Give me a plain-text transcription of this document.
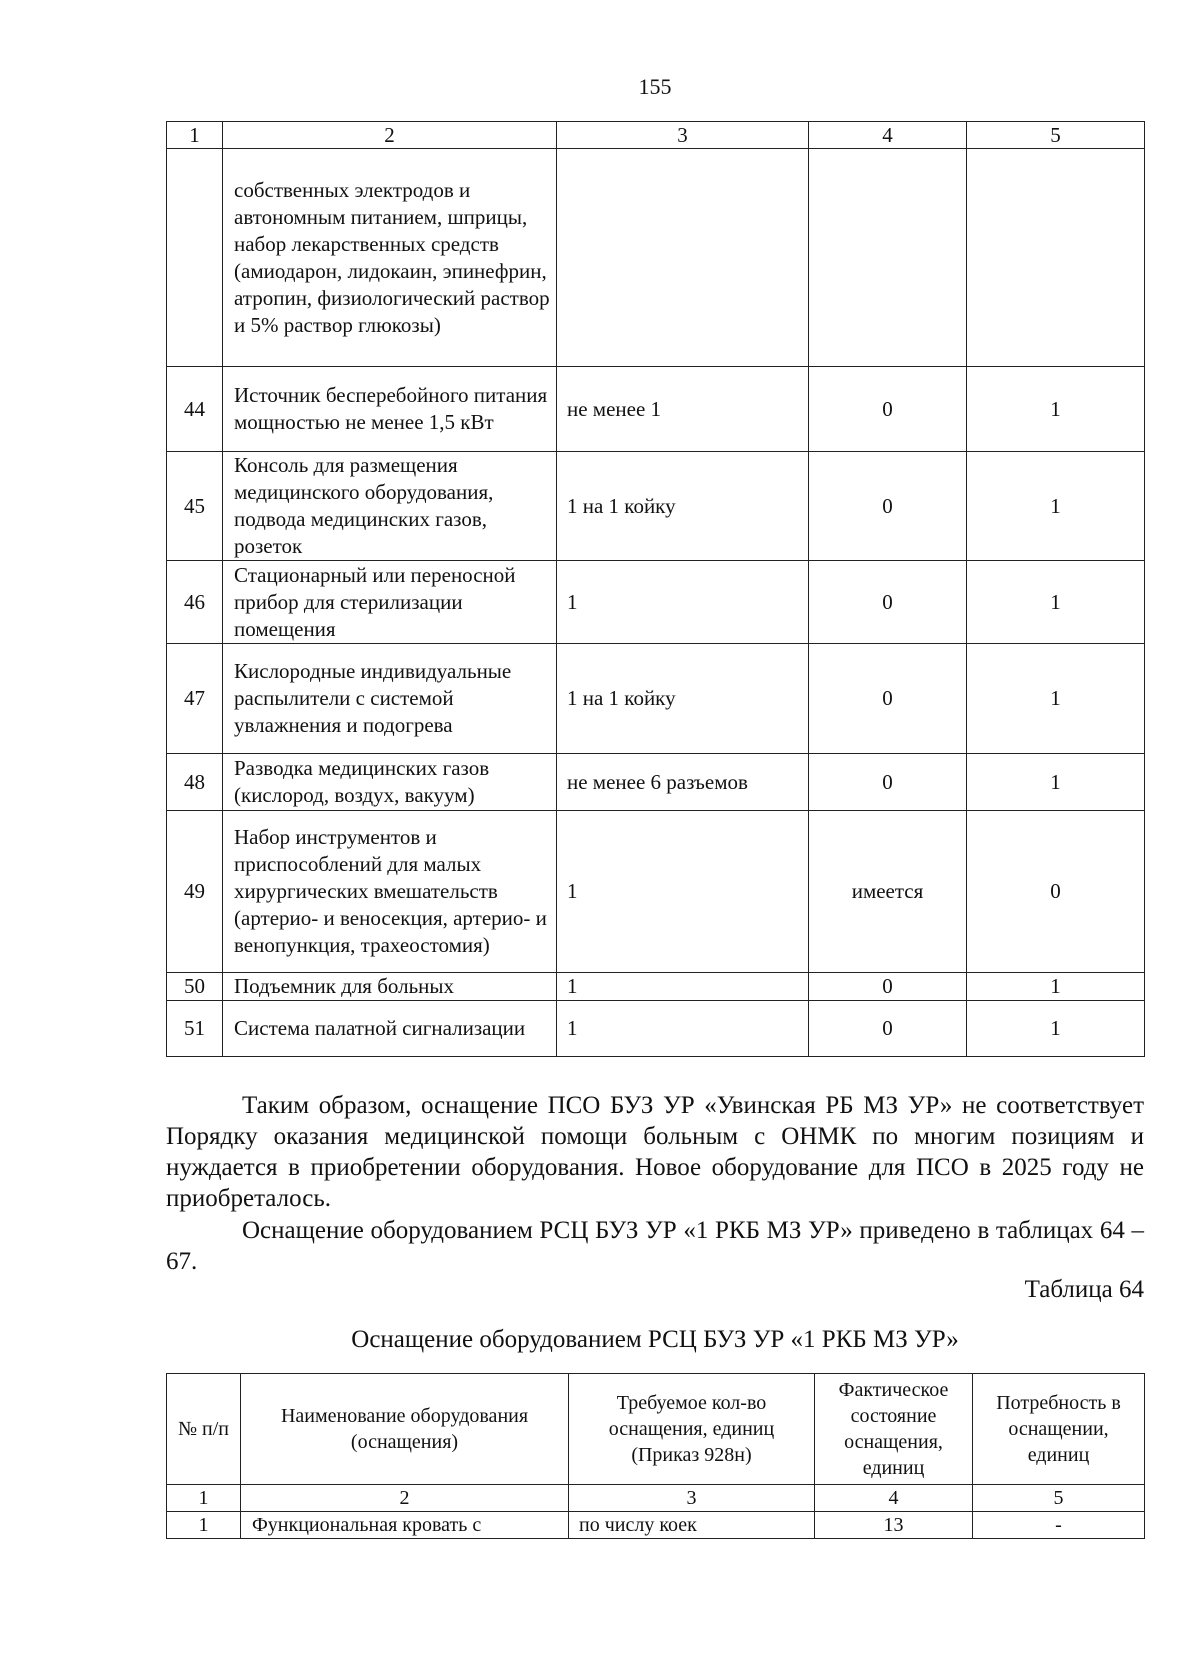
155
1	2	3	4	5
	собственных электродов и автономным питанием, шприцы, набор лекарственных средств (амиодарон, лидокаин, эпинефрин, атропин, физиологический раствор и 5% раствор глюкозы)			
44	Источник бесперебойного питания мощностью не менее 1,5 кВт	не менее 1	0	1
45	Консоль для размещения медицинского оборудования, подвода медицинских газов, розеток	1 на 1 койку	0	1
46	Стационарный или переносной прибор для стерилизации помещения	1	0	1
47	Кислородные индивидуальные распылители с системой увлажнения и подогрева	1 на 1 койку	0	1
48	Разводка медицинских газов (кислород, воздух, вакуум)	не менее 6 разъемов	0	1
49	Набор инструментов и приспособлений для малых хирургических вмешательств (артерио- и веносекция, артерио- и венопункция, трахеостомия)	1	имеется	0
50	Подъемник для больных	1	0	1
51	Система палатной сигнализации	1	0	1

Таким образом, оснащение ПСО БУЗ УР «Увинская РБ МЗ УР» не соответствует Порядку оказания медицинской помощи больным с ОНМК по многим позициям и нуждается в приобретении оборудования. Новое оборудование для ПСО в 2025 году не приобреталось.

Оснащение оборудованием РСЦ БУЗ УР «1 РКБ МЗ УР» приведено в таблицах 64 – 67.

Таблица 64
Оснащение оборудованием РСЦ БУЗ УР «1 РКБ МЗ УР»
№ п/п	Наименование оборудования (оснащения)	Требуемое кол-во оснащения, единиц (Приказ 928н)	Фактическое состояние оснащения, единиц	Потребность в оснащении, единиц
1	2	3	4	5
1	Функциональная кровать с	по числу коек	13	-
